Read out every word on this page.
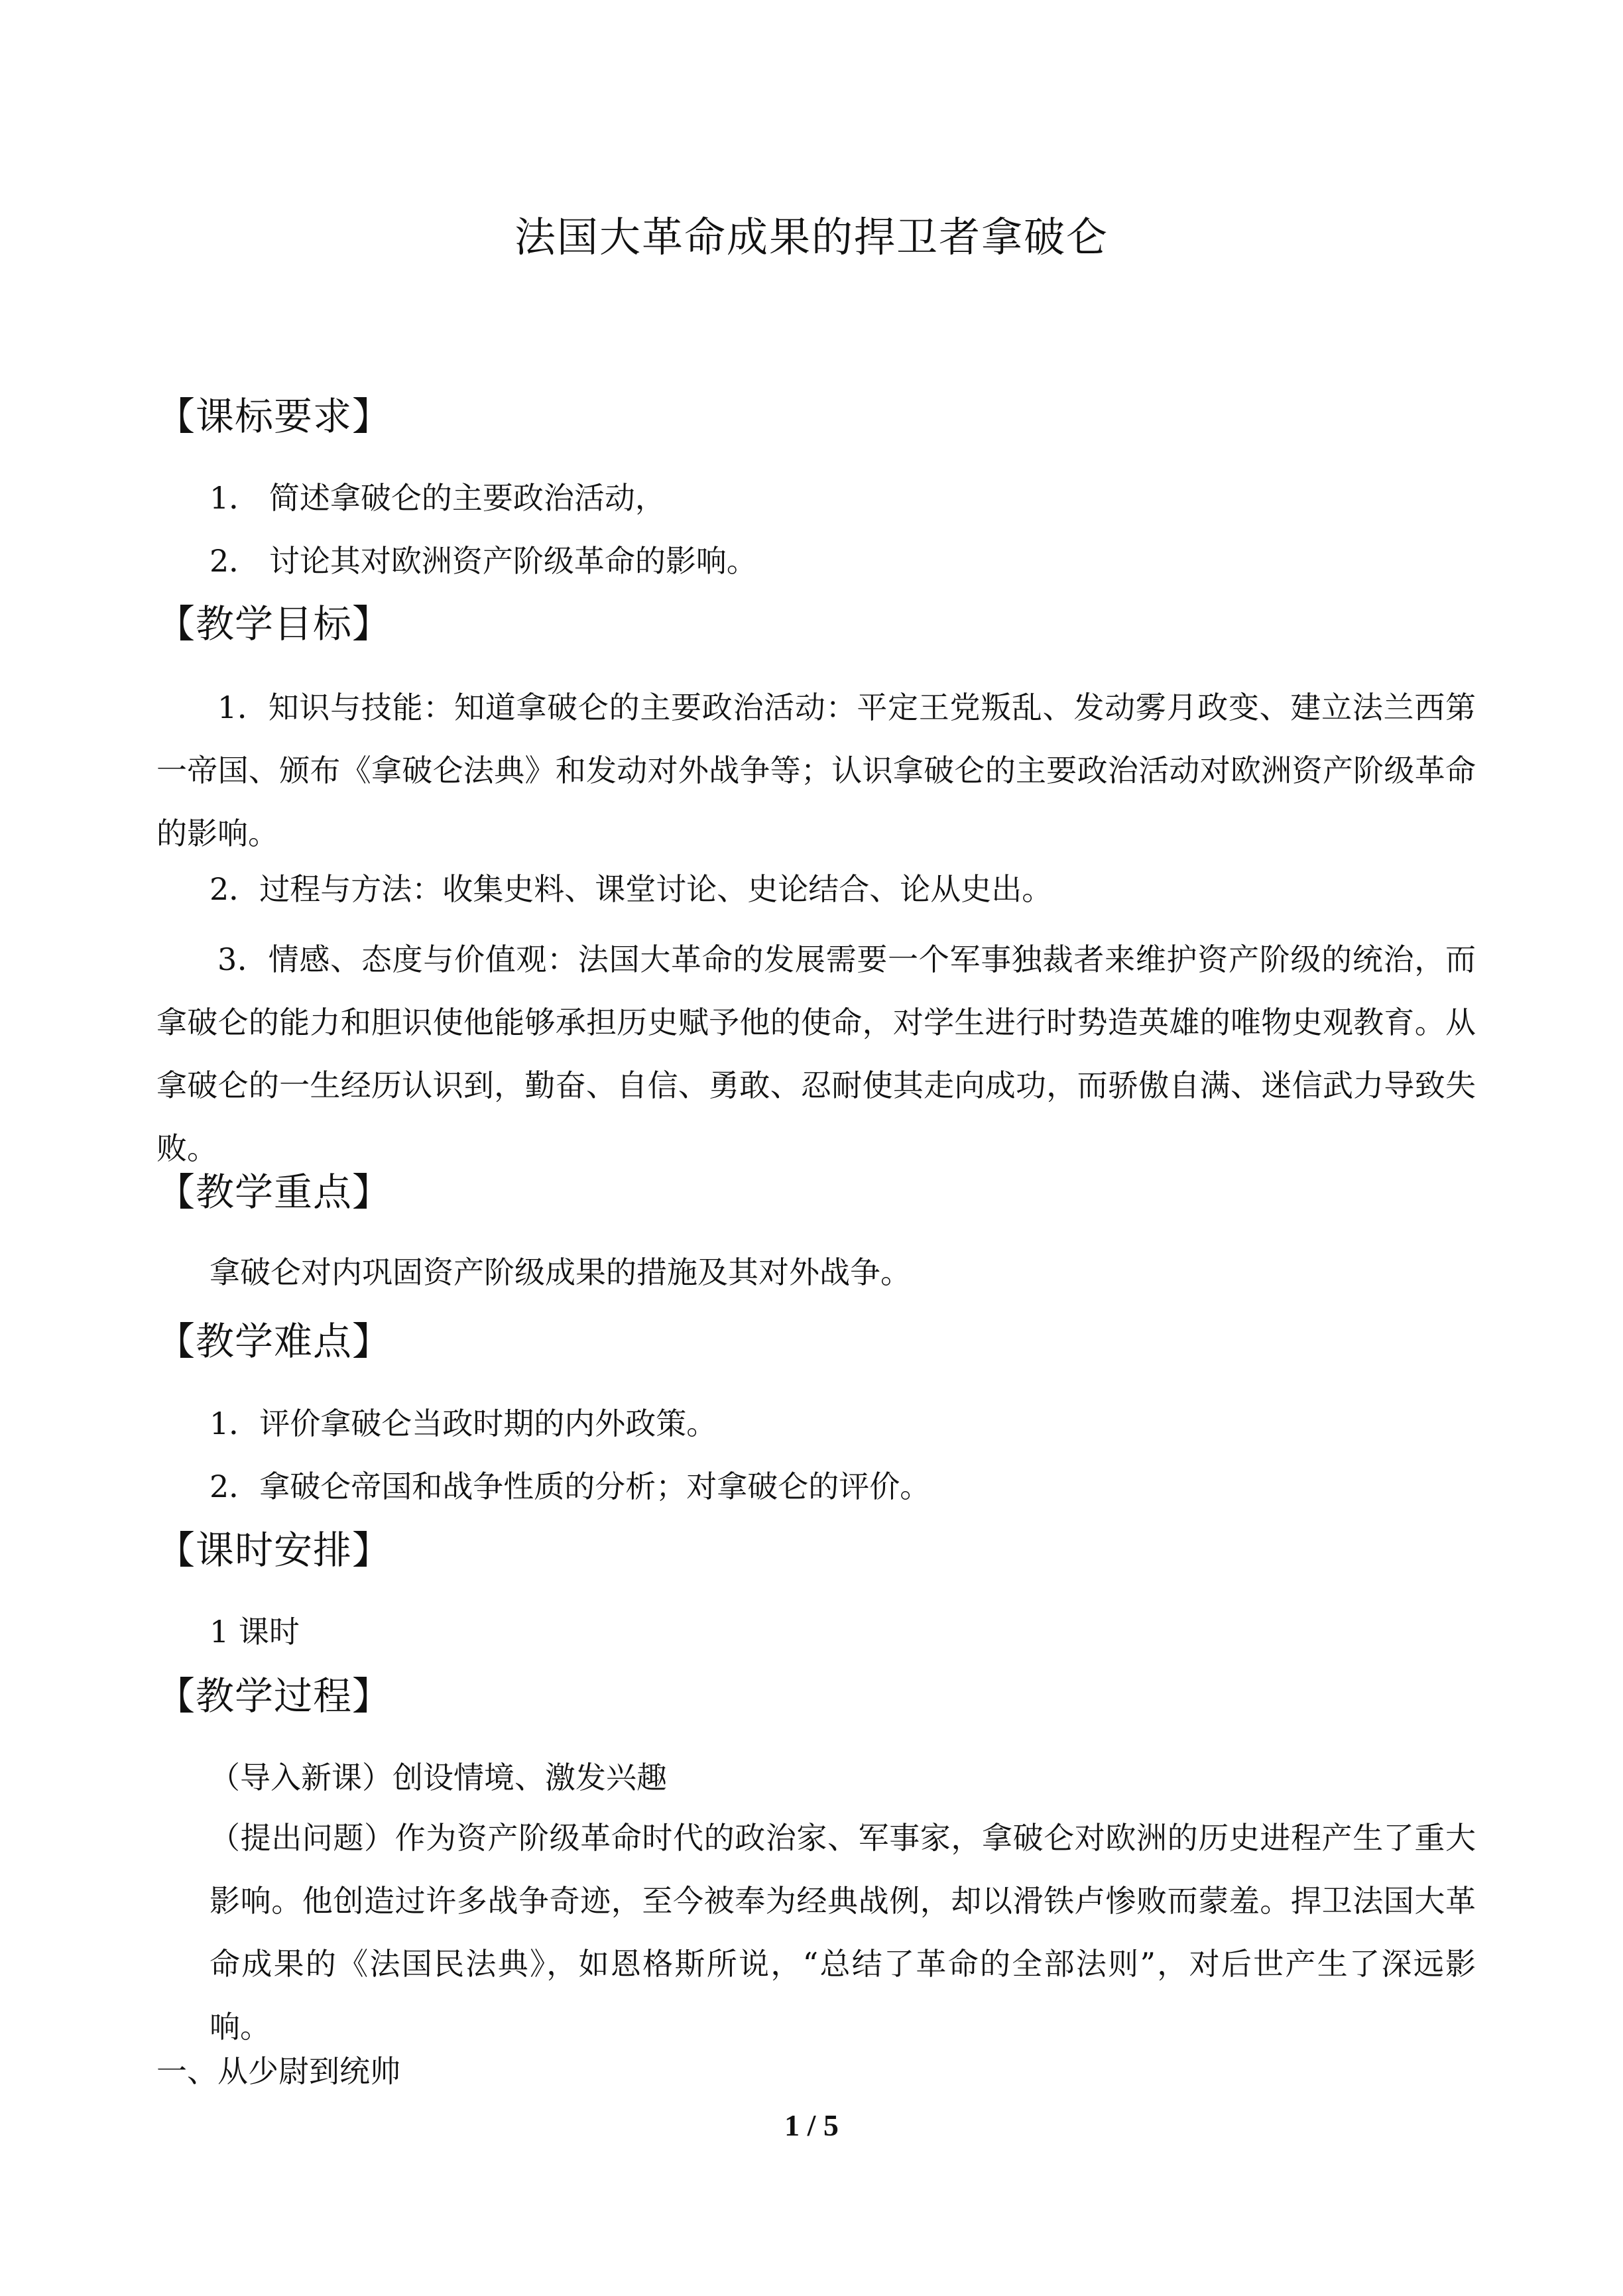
法国大革命成果的捍卫者拿破仑
【课标要求】
1． 简述拿破仑的主要政治活动，
2． 讨论其对欧洲资产阶级革命的影响。
【教学目标】
1．知识与技能：知道拿破仑的主要政治活动：平定王党叛乱、发动雾月政变、建立法兰西第一帝国、颁布《拿破仑法典》和发动对外战争等；认识拿破仑的主要政治活动对欧洲资产阶级革命的影响。
2．过程与方法：收集史料、课堂讨论、史论结合、论从史出。
3．情感、态度与价值观：法国大革命的发展需要一个军事独裁者来维护资产阶级的统治，而拿破仑的能力和胆识使他能够承担历史赋予他的使命，对学生进行时势造英雄的唯物史观教育。从拿破仑的一生经历认识到，勤奋、自信、勇敢、忍耐使其走向成功，而骄傲自满、迷信武力导致失败。
【教学重点】
拿破仑对内巩固资产阶级成果的措施及其对外战争。
【教学难点】
1．评价拿破仑当政时期的内外政策。
2．拿破仑帝国和战争性质的分析；对拿破仑的评价。
【课时安排】
1 课时
【教学过程】
（导入新课）创设情境、激发兴趣
（提出问题）作为资产阶级革命时代的政治家、军事家，拿破仑对欧洲的历史进程产生了重大影响。他创造过许多战争奇迹，至今被奉为经典战例，却以滑铁卢惨败而蒙羞。捍卫法国大革命成果的《法国民法典》，如恩格斯所说，“总结了革命的全部法则”，对后世产生了深远影响。
一、从少尉到统帅
1 / 5
